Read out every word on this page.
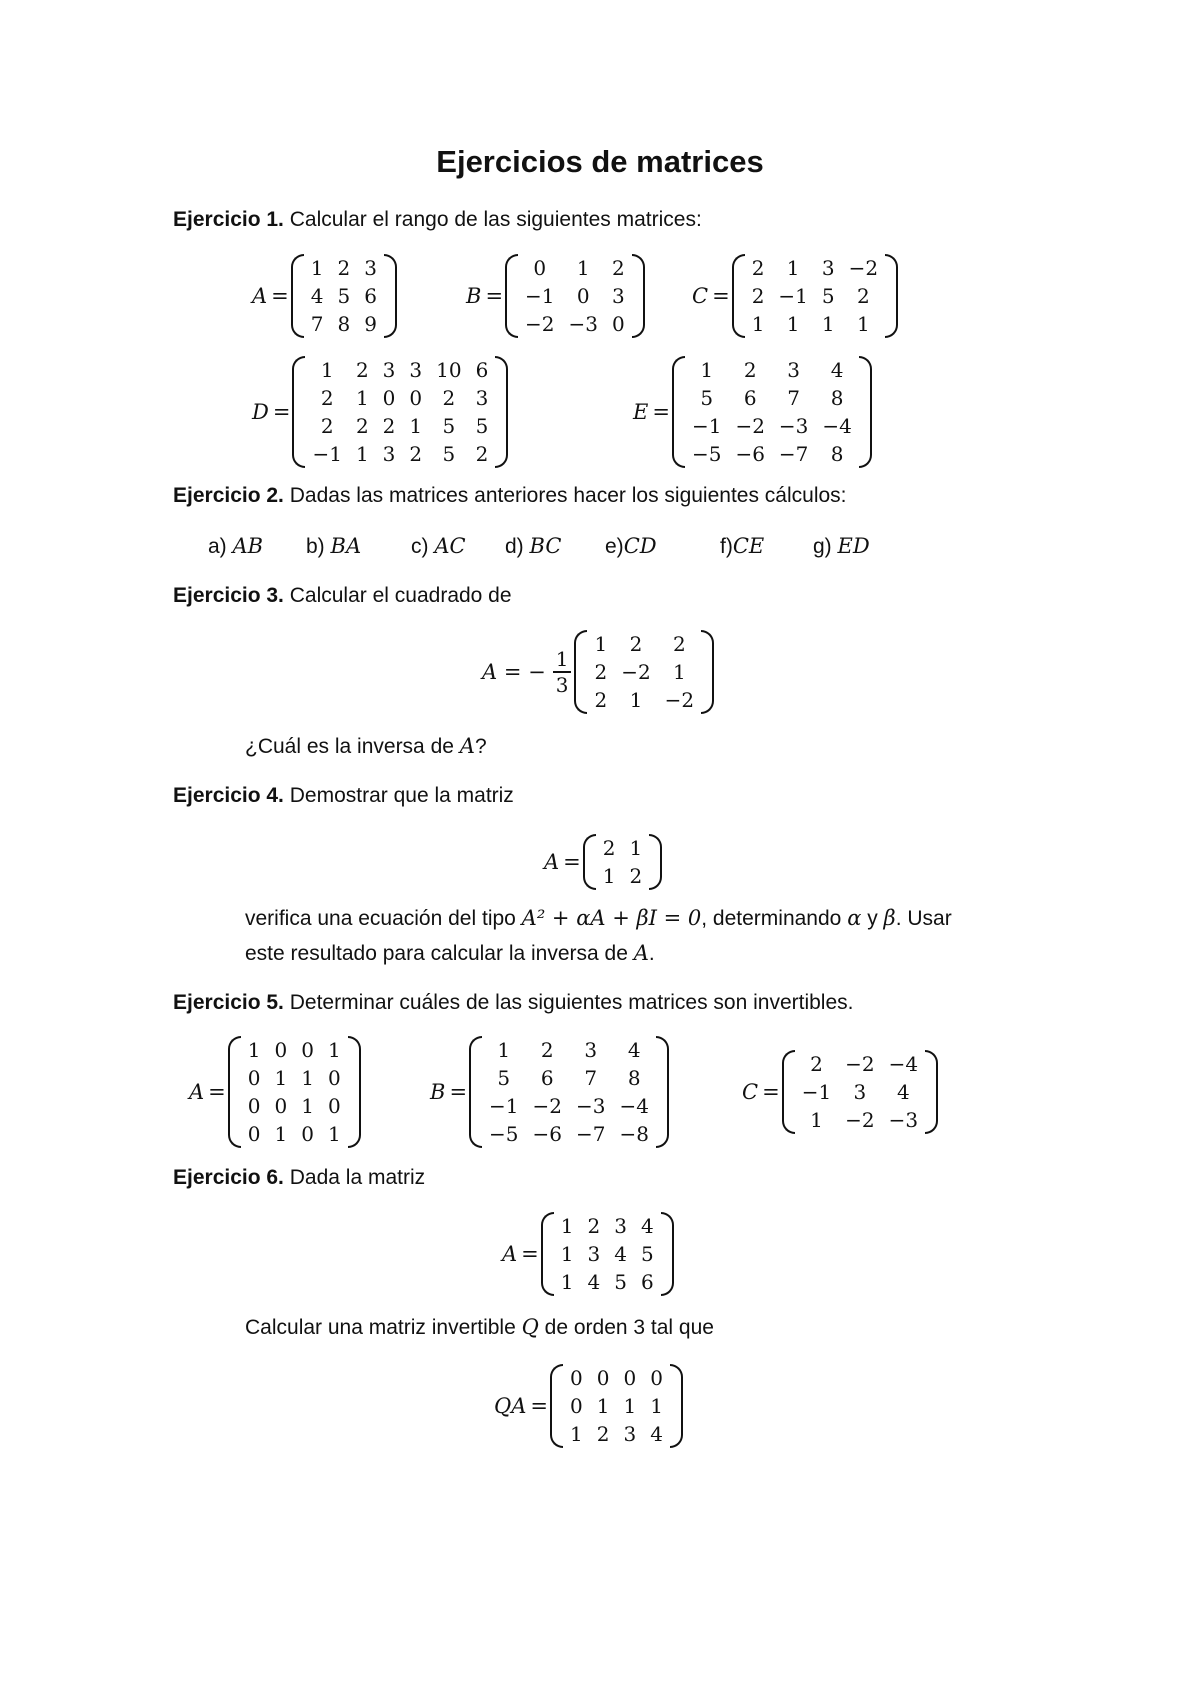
Ejercicios de matrices
Ejercicio 1. Calcular el rango de las siguientes matrices:
A =
1	2	3
4	5	6
7	8	9
B =
0	1	2
−1	0	3
−2	−3	0
C =
2	1	3	−2
2	−1	5	2
1	1	1	1
D =
1	2	3	3	10	6
2	1	0	0	2	3
2	2	2	1	5	5
−1	1	3	2	5	2
E =
1	2	3	4
5	6	7	8
−1	−2	−3	−4
−5	−6	−7	8
Ejercicio 2. Dadas las matrices anteriores hacer los siguientes cálculos:
a) AB b) BA c) AC d) BC e)CD	f)CE g) ED
Ejercicio 3. Calcular el cuadrado de
A = − $\frac{1}{3}$
1	2	2
2	−2	1
2	1	−2
¿Cuál es la inversa de A?
Ejercicio 4. Demostrar que la matriz
A =
2	1
1	2
verifica una ecuación del tipo A² + αA + βI = 0, determinando α y β. Usar
este resultado para calcular la inversa de A.
Ejercicio 5. Determinar cuáles de las siguientes matrices son invertibles.
A =
1	0	0	1
0	1	1	0
0	0	1	0
0	1	0	1
B =
1	2	3	4
5	6	7	8
−1	−2	−3	−4
−5	−6	−7	−8
C =
2	−2	−4
−1	3	4
1	−2	−3
Ejercicio 6. Dada la matriz
A =
1	2	3	4
1	3	4	5
1	4	5	6
Calcular una matriz invertible Q de orden 3 tal que
QA =
0	0	0	0
0	1	1	1
1	2	3	4
